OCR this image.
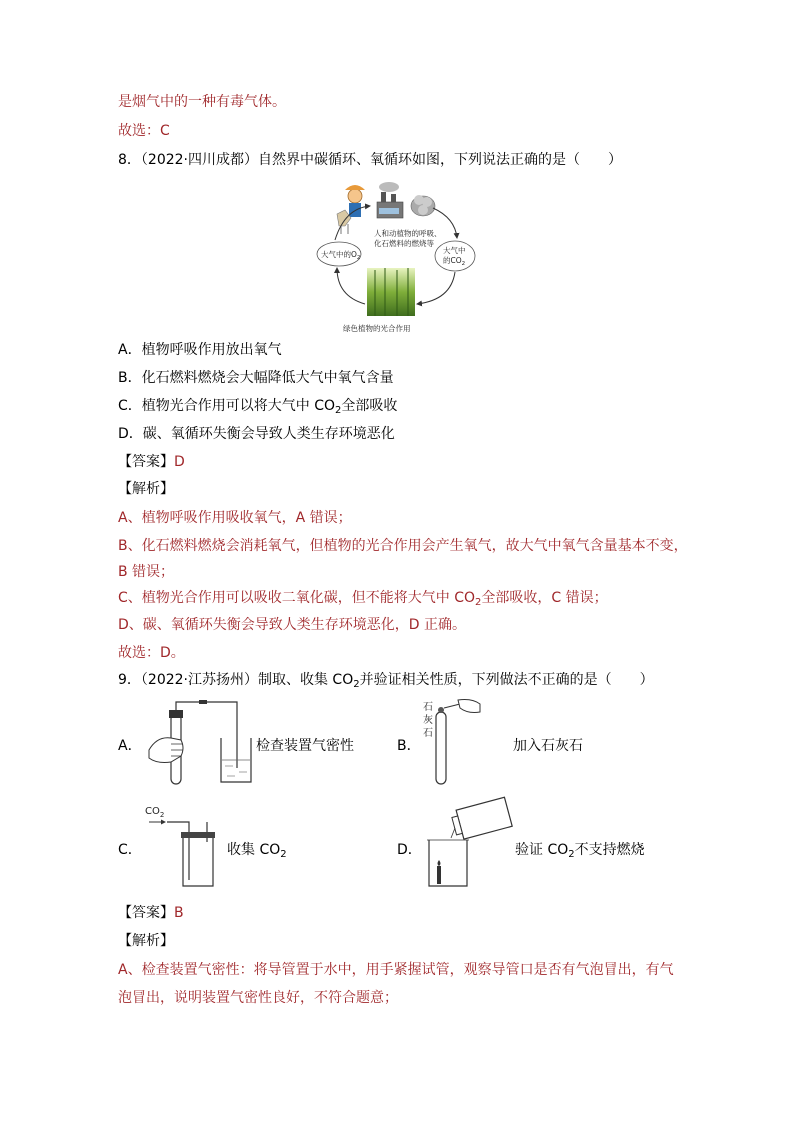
是烟气中的一种有毒气体。
故选：C
8．（2022·四川成都）自然界中碳循环、氧循环如图，下列说法正确的是（　　）
人和动植物的呼吸、
化石燃料的燃烧等
大气中的$O_2$
大气中
的$CO_2$
绿色植物的光合作用
A．植物呼吸作用放出氧气
B．化石燃料燃烧会大幅降低大气中氧气含量
C．植物光合作用可以将大气中 $CO_2$全部吸收
D．碳、氧循环失衡会导致人类生存环境恶化
【答案】D
【解析】
A、植物呼吸作用吸收氧气，A 错误；
B、化石燃料燃烧会消耗氧气，但植物的光合作用会产生氧气，故大气中氧气含量基本不变，
B 错误；
C、植物光合作用可以吸收二氧化碳，但不能将大气中 $CO_2$全部吸收，C 错误；
D、碳、氧循环失衡会导致人类生存环境恶化，D 正确。
故选：D。
9．（2022·江苏扬州）制取、收集 $CO_2$并验证相关性质，下列做法不正确的是（　　）
A．	检查装置气密性	B．
石
灰
石
加入石灰石
C．
$CO_2$
收集 $CO_2$	D．	验证 $CO_2$不支持燃烧
【答案】B
【解析】
A、检查装置气密性：将导管置于水中，用手紧握试管，观察导管口是否有气泡冒出，有气
泡冒出，说明装置气密性良好，不符合题意；
